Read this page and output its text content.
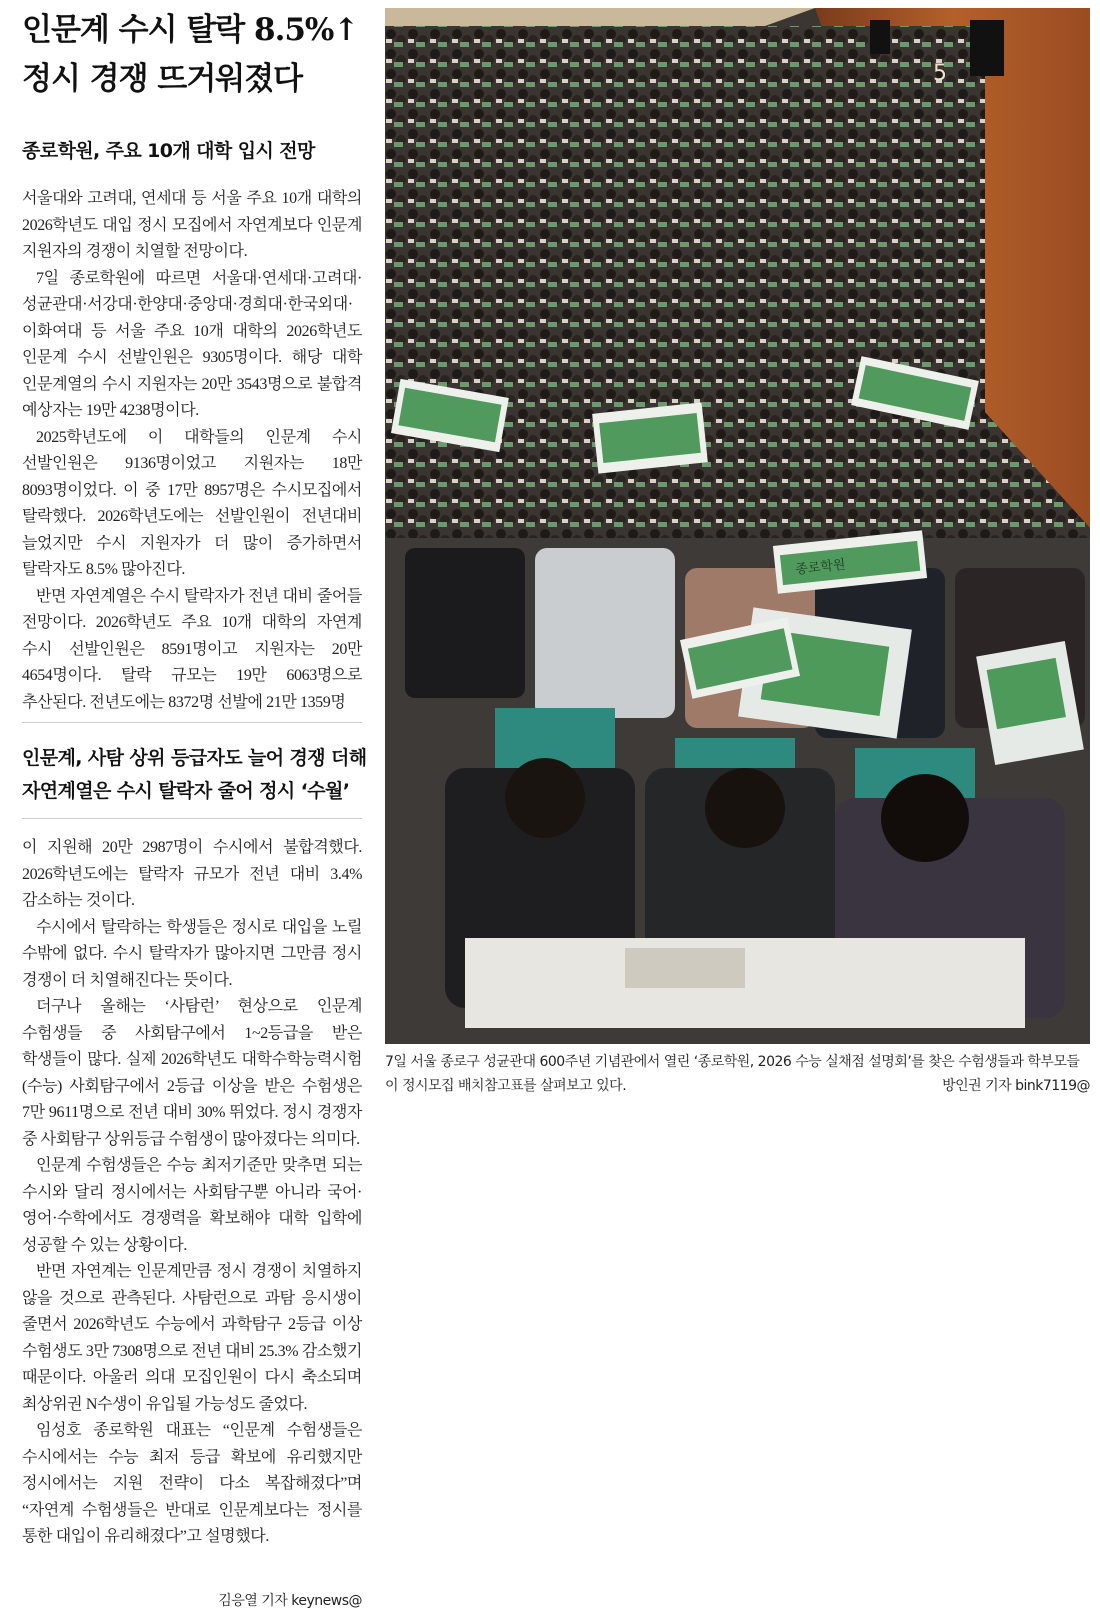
인문계 수시 탈락 8.5%↑
정시 경쟁 뜨거워졌다
종로학원, 주요 10개 대학 입시 전망

서울대와 고려대, 연세대 등 서울 주요 10개 대학의 2026학년도 대입 정시 모집에서 자연계보다 인문계 지원자의 경쟁이 치열할 전망이다.

7일 종로학원에 따르면 서울대·연세대·고려대·성균관대·서강대·한양대·중앙대·경희대·한국외대·이화여대 등 서울 주요 10개 대학의 2026학년도 인문계 수시 선발인원은 9305명이다. 해당 대학 인문계열의 수시 지원자는 20만 3543명으로 불합격 예상자는 19만 4238명이다.

2025학년도에 이 대학들의 인문계 수시 선발인원은 9136명이었고 지원자는 18만 8093명이었다. 이 중 17만 8957명은 수시모집에서 탈락했다. 2026학년도에는 선발인원이 전년대비 늘었지만 수시 지원자가 더 많이 증가하면서 탈락자도 8.5% 많아진다.

반면 자연계열은 수시 탈락자가 전년 대비 줄어들 전망이다. 2026학년도 주요 10개 대학의 자연계 수시 선발인원은 8591명이고 지원자는 20만 4654명이다. 탈락 규모는 19만 6063명으로 추산된다. 전년도에는 8372명 선발에 21만 1359명

인문계, 사탐 상위 등급자도 늘어 경쟁 더해
자연계열은 수시 탈락자 줄어 정시 ‘수월’

이 지원해 20만 2987명이 수시에서 불합격했다. 2026학년도에는 탈락자 규모가 전년 대비 3.4% 감소하는 것이다.

수시에서 탈락하는 학생들은 정시로 대입을 노릴 수밖에 없다. 수시 탈락자가 많아지면 그만큼 정시 경쟁이 더 치열해진다는 뜻이다.

더구나 올해는 ‘사탐런’ 현상으로 인문계 수험생들 중 사회탐구에서 1~2등급을 받은 학생들이 많다. 실제 2026학년도 대학수학능력시험(수능) 사회탐구에서 2등급 이상을 받은 수험생은 7만 9611명으로 전년 대비 30% 뛰었다. 정시 경쟁자 중 사회탐구 상위등급 수험생이 많아졌다는 의미다.

인문계 수험생들은 수능 최저기준만 맞추면 되는 수시와 달리 정시에서는 사회탐구뿐 아니라 국어·영어·수학에서도 경쟁력을 확보해야 대학 입학에 성공할 수 있는 상황이다.

반면 자연계는 인문계만큼 정시 경쟁이 치열하지 않을 것으로 관측된다. 사탐런으로 과탐 응시생이 줄면서 2026학년도 수능에서 과학탐구 2등급 이상 수험생도 3만 7308명으로 전년 대비 25.3% 감소했기 때문이다. 아울러 의대 모집인원이 다시 축소되며 최상위권 N수생이 유입될 가능성도 줄었다.

임성호 종로학원 대표는 “인문계 수험생들은 수시에서는 수능 최저 등급 확보에 유리했지만 정시에서는 지원 전략이 다소 복잡해졌다”며 “자연계 수험생들은 반대로 인문계보다는 정시를 통한 대입이 유리해졌다”고 설명했다.

김응열 기자 keynews@
5
종로학원
7일 서울 종로구 성균관대 600주년 기념관에서 열린 ‘종로학원, 2026 수능 실채점 설명회’를 찾은 수험생들과 학부모들이 정시모집 배치참고표를 살펴보고 있다.	방인권 기자 bink7119@
